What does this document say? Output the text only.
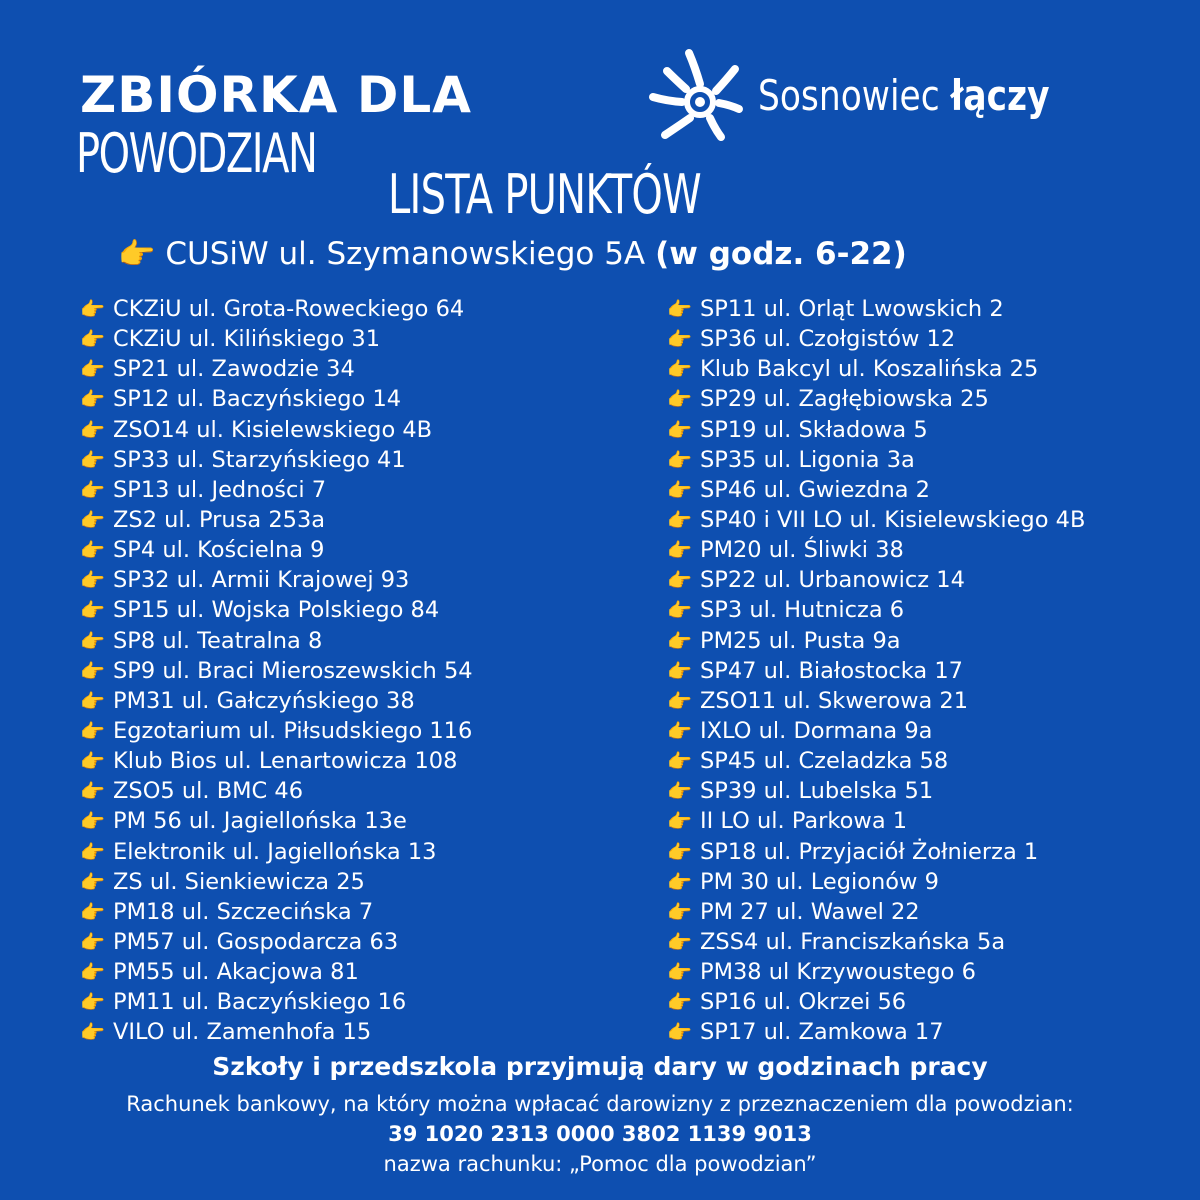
ZBIÓRKA DLA
POWODZIAN
LISTA PUNKTÓW
Sosnowiec łączy
👉 CUSiW ul. Szymanowskiego 5A (w godz. 6-22)
👉 CKZiU ul. Grota-Roweckiego 64
👉 CKZiU ul. Kilińskiego 31
👉 SP21 ul. Zawodzie 34
👉 SP12 ul. Baczyńskiego 14
👉 ZSO14 ul. Kisielewskiego 4B
👉 SP33 ul. Starzyńskiego 41
👉 SP13 ul. Jedności 7
👉 ZS2 ul. Prusa 253a
👉 SP4 ul. Kościelna 9
👉 SP32 ul. Armii Krajowej 93
👉 SP15 ul. Wojska Polskiego 84
👉 SP8 ul. Teatralna 8
👉 SP9 ul. Braci Mieroszewskich 54
👉 PM31 ul. Gałczyńskiego 38
👉 Egzotarium ul. Piłsudskiego 116
👉 Klub Bios ul. Lenartowicza 108
👉 ZSO5 ul. BMC 46
👉 PM 56 ul. Jagiellońska 13e
👉 Elektronik ul. Jagiellońska 13
👉 ZS ul. Sienkiewicza 25
👉 PM18 ul. Szczecińska 7
👉 PM57 ul. Gospodarcza 63
👉 PM55 ul. Akacjowa 81
👉 PM11 ul. Baczyńskiego 16
👉 VILO ul. Zamenhofa 15
👉 SP11 ul. Orląt Lwowskich 2
👉 SP36 ul. Czołgistów 12
👉 Klub Bakcyl ul. Koszalińska 25
👉 SP29 ul. Zagłębiowska 25
👉 SP19 ul. Składowa 5
👉 SP35 ul. Ligonia 3a
👉 SP46 ul. Gwiezdna 2
👉 SP40 i VII LO ul. Kisielewskiego 4B
👉 PM20 ul. Śliwki 38
👉 SP22 ul. Urbanowicz 14
👉 SP3 ul. Hutnicza 6
👉 PM25 ul. Pusta 9a
👉 SP47 ul. Białostocka 17
👉 ZSO11 ul. Skwerowa 21
👉 IXLO ul. Dormana 9a
👉 SP45 ul. Czeladzka 58
👉 SP39 ul. Lubelska 51
👉 II LO ul. Parkowa 1
👉 SP18 ul. Przyjaciół Żołnierza 1
👉 PM 30 ul. Legionów 9
👉 PM 27 ul. Wawel 22
👉 ZSS4 ul. Franciszkańska 5a
👉 PM38 ul Krzywoustego 6
👉 SP16 ul. Okrzei 56
👉 SP17 ul. Zamkowa 17
Szkoły i przedszkola przyjmują dary w godzinach pracy
Rachunek bankowy, na który można wpłacać darowizny z przeznaczeniem dla powodzian:
39 1020 2313 0000 3802 1139 9013
nazwa rachunku: „Pomoc dla powodzian”
